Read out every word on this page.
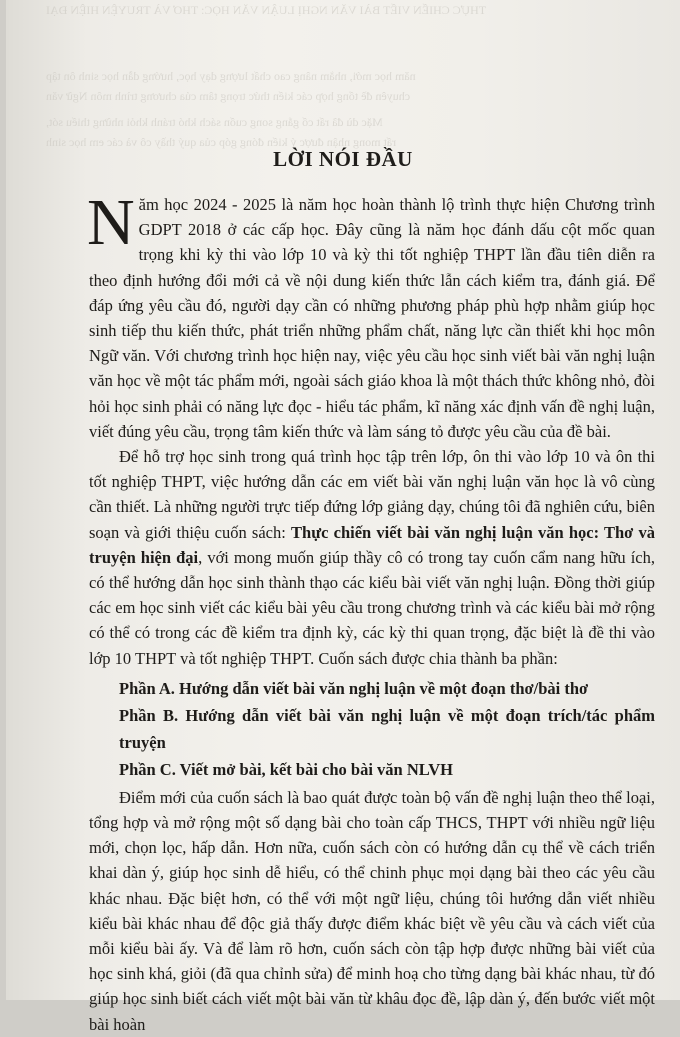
THỰC CHIẾN VIẾT BÀI VĂN NGHỊ LUẬN VĂN HỌC: THƠ VÀ TRUYỆN HIỆN ĐẠI
năm học mới, nhằm nâng cao chất lượng dạy học, hướng dẫn học sinh ôn tập
chuyên đề tổng hợp các kiến thức trọng tâm của chương trình môn Ngữ văn
Mặc dù đã rất cố gắng song cuốn sách khó tránh khỏi những thiếu sót,
rất mong nhận được ý kiến đóng góp của quý thầy cô và các em học sinh
LỜI NÓI ĐẦU

Năm học 2024 - 2025 là năm học hoàn thành lộ trình thực hiện Chương trình GDPT 2018 ở các cấp học. Đây cũng là năm học đánh dấu cột mốc quan trọng khi kỳ thi vào lớp 10 và kỳ thi tốt nghiệp THPT lần đầu tiên diễn ra theo định hướng đổi mới cả về nội dung kiến thức lẫn cách kiểm tra, đánh giá. Để đáp ứng yêu cầu đó, người dạy cần có những phương pháp phù hợp nhằm giúp học sinh tiếp thu kiến thức, phát triển những phẩm chất, năng lực cần thiết khi học môn Ngữ văn. Với chương trình học hiện nay, việc yêu cầu học sinh viết bài văn nghị luận văn học về một tác phẩm mới, ngoài sách giáo khoa là một thách thức không nhỏ, đòi hỏi học sinh phải có năng lực đọc - hiểu tác phẩm, kĩ năng xác định vấn đề nghị luận, viết đúng yêu cầu, trọng tâm kiến thức và làm sáng tỏ được yêu cầu của đề bài.

Để hỗ trợ học sinh trong quá trình học tập trên lớp, ôn thi vào lớp 10 và ôn thi tốt nghiệp THPT, việc hướng dẫn các em viết bài văn nghị luận văn học là vô cùng cần thiết. Là những người trực tiếp đứng lớp giảng dạy, chúng tôi đã nghiên cứu, biên soạn và giới thiệu cuốn sách: Thực chiến viết bài văn nghị luận văn học: Thơ và truyện hiện đại, với mong muốn giúp thầy cô có trong tay cuốn cẩm nang hữu ích, có thể hướng dẫn học sinh thành thạo các kiểu bài viết văn nghị luận. Đồng thời giúp các em học sinh viết các kiểu bài yêu cầu trong chương trình và các kiểu bài mở rộng có thể có trong các đề kiểm tra định kỳ, các kỳ thi quan trọng, đặc biệt là đề thi vào lớp 10 THPT và tốt nghiệp THPT. Cuốn sách được chia thành ba phần:

Phần A. Hướng dẫn viết bài văn nghị luận về một đoạn thơ/bài thơ
Phần B. Hướng dẫn viết bài văn nghị luận về một đoạn trích/tác phẩm truyện
Phần C. Viết mở bài, kết bài cho bài văn NLVH

Điểm mới của cuốn sách là bao quát được toàn bộ vấn đề nghị luận theo thể loại, tổng hợp và mở rộng một số dạng bài cho toàn cấp THCS, THPT với nhiều ngữ liệu mới, chọn lọc, hấp dẫn. Hơn nữa, cuốn sách còn có hướng dẫn cụ thể về cách triển khai dàn ý, giúp học sinh dễ hiểu, có thể chinh phục mọi dạng bài theo các yêu cầu khác nhau. Đặc biệt hơn, có thể với một ngữ liệu, chúng tôi hướng dẫn viết nhiều kiểu bài khác nhau để độc giả thấy được điểm khác biệt về yêu cầu và cách viết của mỗi kiểu bài ấy. Và để làm rõ hơn, cuốn sách còn tập hợp được những bài viết của học sinh khá, giỏi (đã qua chỉnh sửa) để minh hoạ cho từng dạng bài khác nhau, từ đó giúp học sinh biết cách viết một bài văn từ khâu đọc đề, lập dàn ý, đến bước viết một bài hoàn
